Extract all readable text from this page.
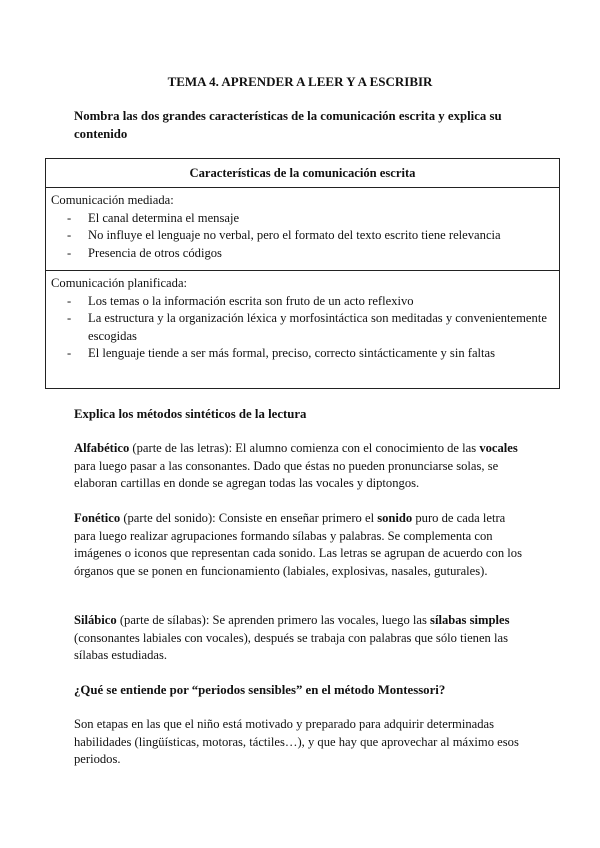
TEMA 4. APRENDER A LEER Y A ESCRIBIR
Nombra las dos grandes características de la comunicación escrita y explica su contenido
Características de la comunicación escrita

Comunicación mediada:

- El canal determina el mensaje
- No influye el lenguaje no verbal, pero el formato del texto escrito tiene relevancia
- Presencia de otros códigos

Comunicación planificada:

- Los temas o la información escrita son fruto de un acto reflexivo
- La estructura y la organización léxica y morfosintáctica son meditadas y convenientemente escogidas
- El lenguaje tiende a ser más formal, preciso, correcto sintácticamente y sin faltas
Explica los métodos sintéticos de la lectura

Alfabético (parte de las letras): El alumno comienza con el conocimiento de las vocales para luego pasar a las consonantes. Dado que éstas no pueden pronunciarse solas, se elaboran cartillas en donde se agregan todas las vocales y diptongos.

Fonético (parte del sonido): Consiste en enseñar primero el sonido puro de cada letra para luego realizar agrupaciones formando sílabas y palabras. Se complementa con imágenes o iconos que representan cada sonido. Las letras se agrupan de acuerdo con los órganos que se ponen en funcionamiento (labiales, explosivas, nasales, guturales).

Silábico (parte de sílabas): Se aprenden primero las vocales, luego las sílabas simples (consonantes labiales con vocales), después se trabaja con palabras que sólo tienen las sílabas estudiadas.

¿Qué se entiende por “periodos sensibles” en el método Montessori?

Son etapas en las que el niño está motivado y preparado para adquirir determinadas habilidades (lingüísticas, motoras, táctiles…), y que hay que aprovechar al máximo esos periodos.
